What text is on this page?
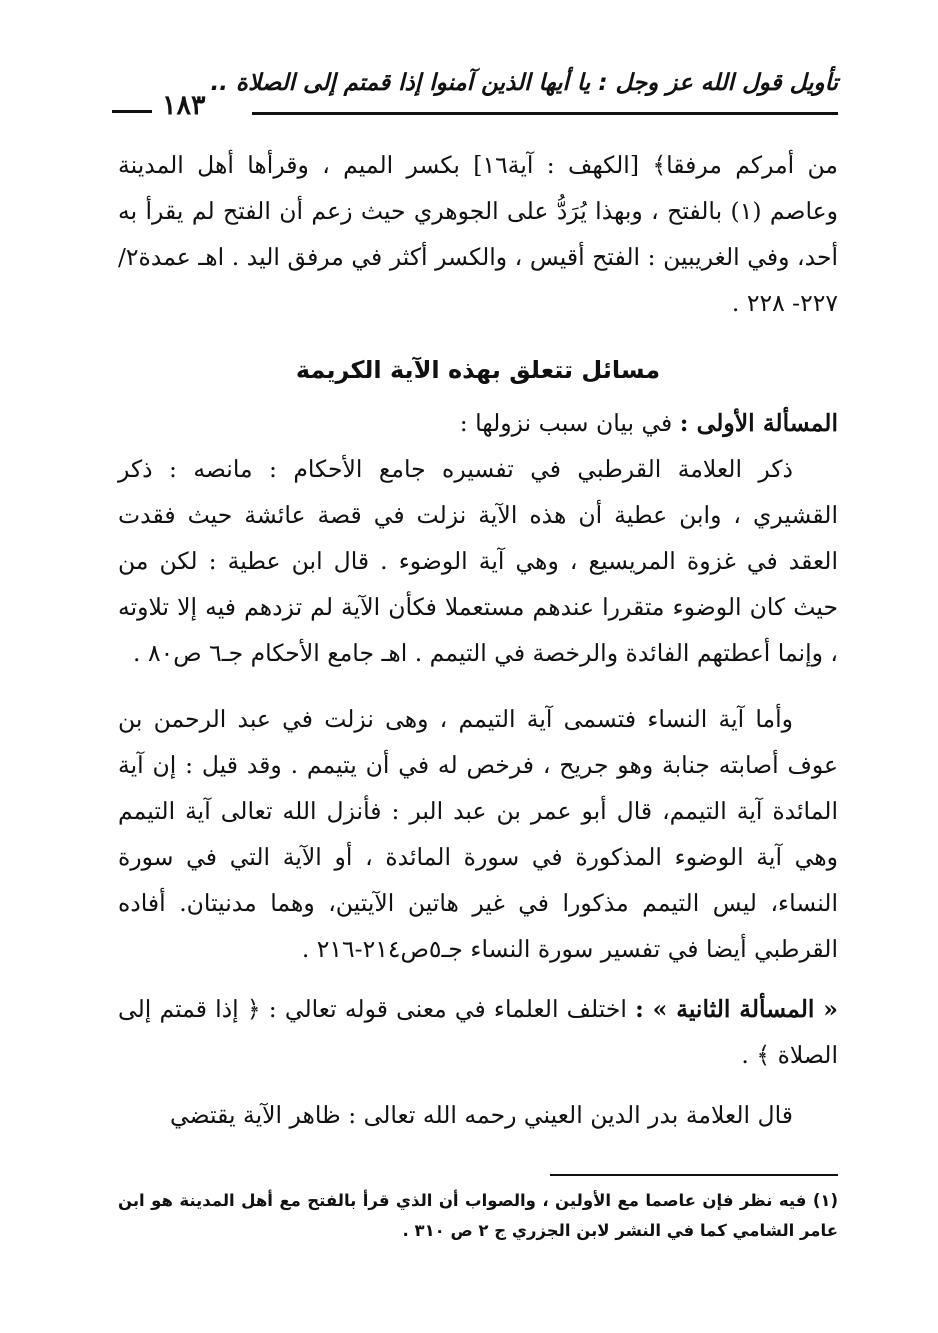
تأويل قول الله عز وجل : يا أيها الذين آمنوا إذا قمتم إلى الصلاة ..
١٨٣

من أمركم مرفقا﴾ [الكهف : آية١٦] بكسر الميم ، وقرأها أهل المدينة وعاصم (١) بالفتح ، وبهذا يُرَدُّ على الجوهري حيث زعم أن الفتح لم يقرأ به أحد، وفي الغريبين : الفتح أقيس ، والكسر أكثر في مرفق اليد . اهـ عمدة٢/ ٢٢٧- ٢٢٨ .

مسائل تتعلق بهذه الآية الكريمة

المسألة الأولى : في بيان سبب نزولها :

ذكر العلامة القرطبي في تفسيره جامع الأحكام : مانصه : ذكر القشيري ، وابن عطية أن هذه الآية نزلت في قصة عائشة حيث فقدت العقد في غزوة المريسيع ، وهي آية الوضوء . قال ابن عطية : لكن من حيث كان الوضوء متقررا عندهم مستعملا فكأن الآية لم تزدهم فيه إلا تلاوته ، وإنما أعطتهم الفائدة والرخصة في التيمم . اهـ جامع الأحكام جـ٦ ص٨٠ .

وأما آية النساء فتسمى آية التيمم ، وهى نزلت في عبد الرحمن بن عوف أصابته جنابة وهو جريح ، فرخص له في أن يتيمم . وقد قيل : إن آية المائدة آية التيمم، قال أبو عمر بن عبد البر : فأنزل الله تعالى آية التيمم وهي آية الوضوء المذكورة في سورة المائدة ، أو الآية التي في سورة النساء، ليس التيمم مذكورا في غير هاتين الآيتين، وهما مدنيتان. أفاده القرطبي أيضا في تفسير سورة النساء جـ٥ص٢١٤-٢١٦ .

« المسألة الثانية » : اختلف العلماء في معنى قوله تعالي : ﴿ إذا قمتم إلى الصلاة ﴾ .

قال العلامة بدر الدين العيني رحمه الله تعالى : ظاهر الآية يقتضي

(١) فيه نظر فإن عاصما مع الأولين ، والصواب أن الذي قرأ بالفتح مع أهل المدينة هو ابن عامر الشامي كما في النشر لابن الجزري ج ٢ ص ٣١٠ .
